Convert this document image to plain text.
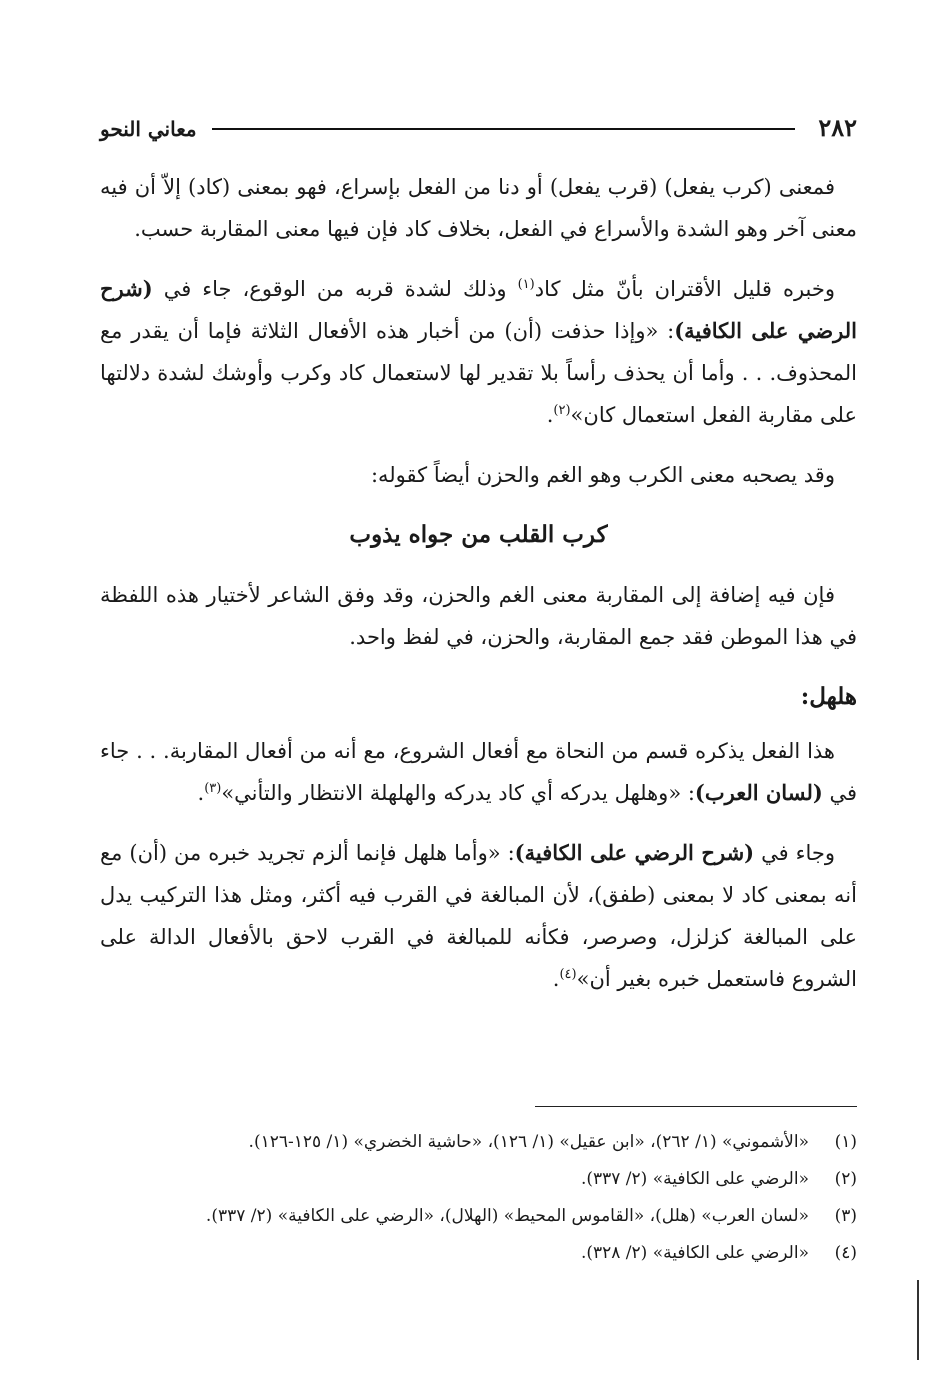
٢٨٢
معاني النحو

فمعنى (كرب يفعل) (قرب يفعل) أو دنا من الفعل بإسراع، فهو بمعنى (كاد) إلاّ أن فيه معنى آخر وهو الشدة والأسراع في الفعل، بخلاف كاد فإن فيها معنى المقاربة حسب.

وخبره قليل الأقتران بأنّ مثل كاد$^{(١)}$ وذلك لشدة قربه من الوقوع، جاء في (شرح الرضي على الكافية): «وإذا حذفت (أن) من أخبار هذه الأفعال الثلاثة فإما أن يقدر مع المحذوف. . . وأما أن يحذف رأساً بلا تقدير لها لاستعمال كاد وكرب وأوشك لشدة دلالتها على مقاربة الفعل استعمال كان»$^{(٢)}$.

وقد يصحبه معنى الكرب وهو الغم والحزن أيضاً كقوله:

كرب القلب من جواه يذوب

فإن فيه إضافة إلى المقاربة معنى الغم والحزن، وقد وفق الشاعر لأختيار هذه اللفظة في هذا الموطن فقد جمع المقاربة، والحزن، في لفظ واحد.

هلهل:

هذا الفعل يذكره قسم من النحاة مع أفعال الشروع، مع أنه من أفعال المقاربة. . . جاء في (لسان العرب): «وهلهل يدركه أي كاد يدركه والهلهلة الانتظار والتأني»$^{(٣)}$.

وجاء في (شرح الرضي على الكافية): «وأما هلهل فإنما ألزم تجريد خبره من (أن) مع أنه بمعنى كاد لا بمعنى (طفق)، لأن المبالغة في القرب فيه أكثر، ومثل هذا التركيب يدل على المبالغة كزلزل، وصرصر، فكأنه للمبالغة في القرب لاحق بالأفعال الدالة على الشروع فاستعمل خبره بغير أن»$^{(٤)}$.

(١)
«الأشموني» (١/ ٢٦٢)، «ابن عقيل» (١/ ١٢٦)، «حاشية الخضري» (١/ ١٢٥-١٢٦).
(٢)
«الرضي على الكافية» (٢/ ٣٣٧).
(٣)
«لسان العرب» (هلل)، «القاموس المحيط» (الهلال)، «الرضي على الكافية» (٢/ ٣٣٧).
(٤)
«الرضي على الكافية» (٢/ ٣٢٨).
